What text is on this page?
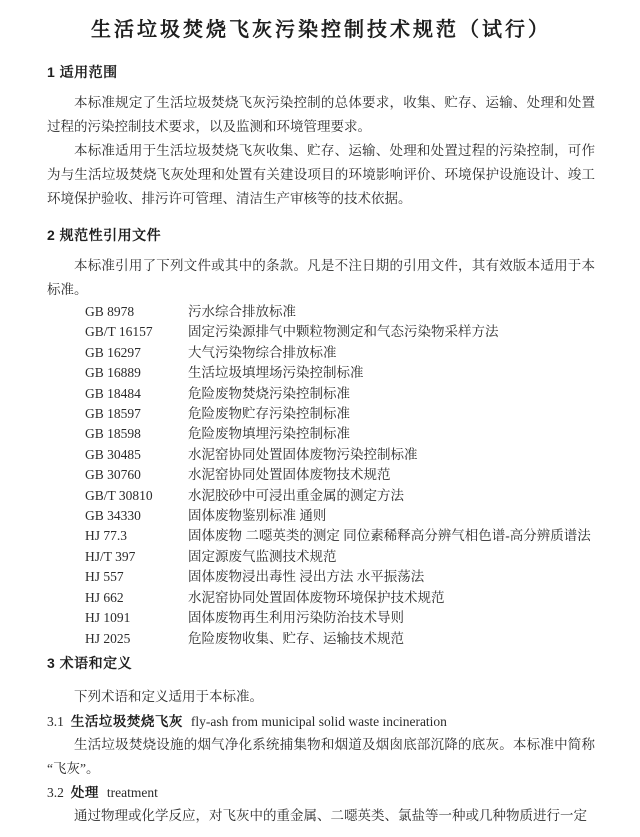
生活垃圾焚烧飞灰污染控制技术规范（试行）
1 适用范围

本标准规定了生活垃圾焚烧飞灰污染控制的总体要求，收集、贮存、运输、处理和处置过程的污染控制技术要求，以及监测和环境管理要求。

本标准适用于生活垃圾焚烧飞灰收集、贮存、运输、处理和处置过程的污染控制，可作为与生活垃圾焚烧飞灰处理和处置有关建设项目的环境影响评价、环境保护设施设计、竣工环境保护验收、排污许可管理、清洁生产审核等的技术依据。

2 规范性引用文件

本标准引用了下列文件或其中的条款。凡是不注日期的引用文件，其有效版本适用于本标准。

GB 8978	污水综合排放标准
GB/T 16157	固定污染源排气中颗粒物测定和气态污染物采样方法
GB 16297	大气污染物综合排放标准
GB 16889	生活垃圾填埋场污染控制标准
GB 18484	危险废物焚烧污染控制标准
GB 18597	危险废物贮存污染控制标准
GB 18598	危险废物填埋污染控制标准
GB 30485	水泥窑协同处置固体废物污染控制标准
GB 30760	水泥窑协同处置固体废物技术规范
GB/T 30810	水泥胶砂中可浸出重金属的测定方法
GB 34330	固体废物鉴别标准 通则
HJ 77.3	固体废物 二噁英类的测定 同位素稀释高分辨气相色谱-高分辨质谱法
HJ/T 397	固定源废气监测技术规范
HJ 557	固体废物浸出毒性 浸出方法 水平振荡法
HJ 662	水泥窑协同处置固体废物环境保护技术规范
HJ 1091	固体废物再生利用污染防治技术导则
HJ 2025	危险废物收集、贮存、运输技术规范
3 术语和定义

下列术语和定义适用于本标准。

3.1 生活垃圾焚烧飞灰 fly-ash from municipal solid waste incineration

生活垃圾焚烧设施的烟气净化系统捕集物和烟道及烟囱底部沉降的底灰。本标准中简称“飞灰”。

3.2 处理 treatment

通过物理或化学反应，对飞灰中的重金属、二噁英类、氯盐等一种或几种物质进行一定
